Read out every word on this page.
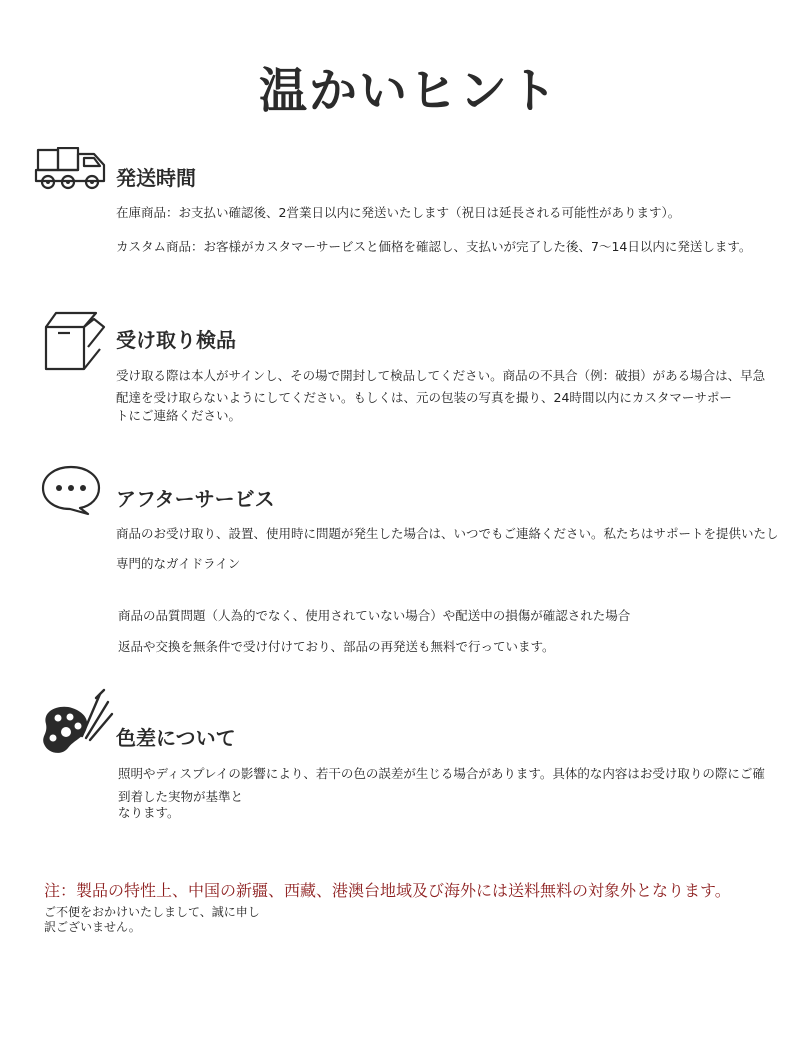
温かいヒント
発送時間

在庫商品：お支払い確認後、2営業日以内に発送いたします（祝日は延長される可能性があります）。

カスタム商品：お客様がカスタマーサービスと価格を確認し、支払いが完了した後、7〜14日以内に発送します。

受け取り検品

受け取る際は本人がサインし、その場で開封して検品してください。商品の不具合（例：破損）がある場合は、早急

配達を受け取らないようにしてください。もしくは、元の包装の写真を撮り、24時間以内にカスタマーサポー

トにご連絡ください。

アフターサービス

商品のお受け取り、設置、使用時に問題が発生した場合は、いつでもご連絡ください。私たちはサポートを提供いたし

専門的なガイドライン

商品の品質問題（人為的でなく、使用されていない場合）や配送中の損傷が確認された場合

返品や交換を無条件で受け付けており、部品の再発送も無料で行っています。

色差について

照明やディスプレイの影響により、若干の色の誤差が生じる場合があります。具体的な内容はお受け取りの際にご確

到着した実物が基準と

なります。

注：製品の特性上、中国の新疆、西藏、港澳台地域及び海外には送料無料の対象外となります。

ご不便をおかけいたしまして、誠に申し

訳ございません。
